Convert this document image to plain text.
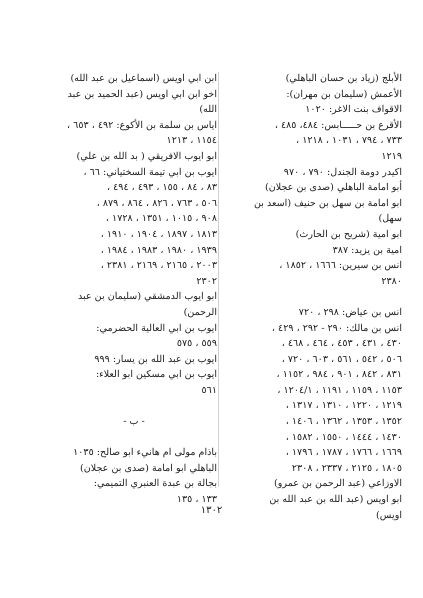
الأبلج (زياد بن حسان الباهلي)
الأعمش (سليمان بن مهران):
الاقواف بنت الاغر: ١٠٢٠
الأقرع بن حـــــابس: ٤٨٤، ٤٨٥ ،
٧٣٣ ، ٧٩٤ ، ١٠٣١ ، ١٢١٨ ،
١٢١٩
اكيدر دومة الجندل: ٧٩٠ ، ٩٧٠
أبو امامة الباهلي (صدى بن عجلان)
ابو امامة بن سهل بن حنيف (اسعد بن
سهل)
ابو امية (شريح بن الحارث)
امية بن يزيد: ٣٨٧
انس بن سيرين: ١٦٦٦ ، ١٨٥٢ ،
٢٣٨٠
انس بن عياض: ٢٩٨ ، ٧٢٠
انس بن مالك: ٢٩٠ - ٢٩٢ ، ٤٢٩ ،
٤٣٠ ، ٤٣١ ، ٤٥٣ ، ٤٦٤ ، ٤٦٨ ،
٥٠٦ ، ٥٤٢ ، ٥٦١ ، ٦٠٣ ، ٧٢٠ ،
٨٣١ ، ٨٤٢ ، ٩٠١ ، ٩٨٤ ، ١١٥٢ ،
١١٥٣ ، ١١٥٩ ، ١١٩١ ، ١٢٠٤/١ ،
١٢١٩ ، ١٢٢٠ ، ١٣١٠ ، ١٣١٧ ،
١٣٥٢ ، ١٣٥٣ ، ١٣٦٢ ، ١٤٠٦ ،
١٤٣٠ ، ١٤٤٤ ، ١٥٥٠ ، ١٥٨٢ ،
١٦٦٩ ، ١٧٦٦ ، ١٧٨٧ ، ١٧٩٦ ،
١٨٠٥ ، ٢١٢٥ ، ٢٣٣٧ ، ٢٣٠٨
الاوزاعي (عبد الرحمن بن عمرو)
ابو اويس (عبد الله بن عبد الله بن
اويس)
ابن ابي اويس (اسماعيل بن عبد الله)
اخو ابن ابي اويس (عبد الحميد بن عبد
الله)
اياس بن سلمة بن الأكوع: ٤٩٢ ، ٦٥٣ ،
١١٥٤ ، ١٢١٣
ابو ايوب الافريقي ( بد الله بن علي)
ايوب بن ابي تيمة السختياني: ٦٦ ،
٨٣ ، ٨٤ ، ١٥٥ ، ٤٩٣ ، ٤٩٤ ،
٥٠٦ ، ٧٦٣ ، ٨٢٦ ، ٨٦٤ ، ٨٧٩ ،
٩٠٨ ، ١٠١٥ ، ١٣٥١ ، ١٧٢٨ ،
١٨١٣ ، ١٨٩٧ ، ١٩٠٤ ، ١٩١٠ ،
١٩٣٩ ، ١٩٨٠ ، ١٩٨٣ ، ١٩٨٤ ،
٢٠٠٣ ، ٢١٦٥ ، ٢١٦٩ ، ٢٣٨١ ،
٢٣٠٢
ابو ايوب الدمشقي (سليمان بن عبد
الرحمن)
ايوب بن ابي العالية الحضرمي:
٥٥٩ ، ٥٧٥
ايوب بن عبد الله بن يسار: ٩٩٩
ايوب بن ابي مسكين ابو العلاء:
٥٦١
- ب -
باذام مولى ام هانيء ابو صالح: ١٠٣٥
الباهلي ابو امامة (صدى بن عجلان)
بجالة بن عبدة العنبري التميمي:
١٣٣ ، ١٣٥
١٣٠٢
